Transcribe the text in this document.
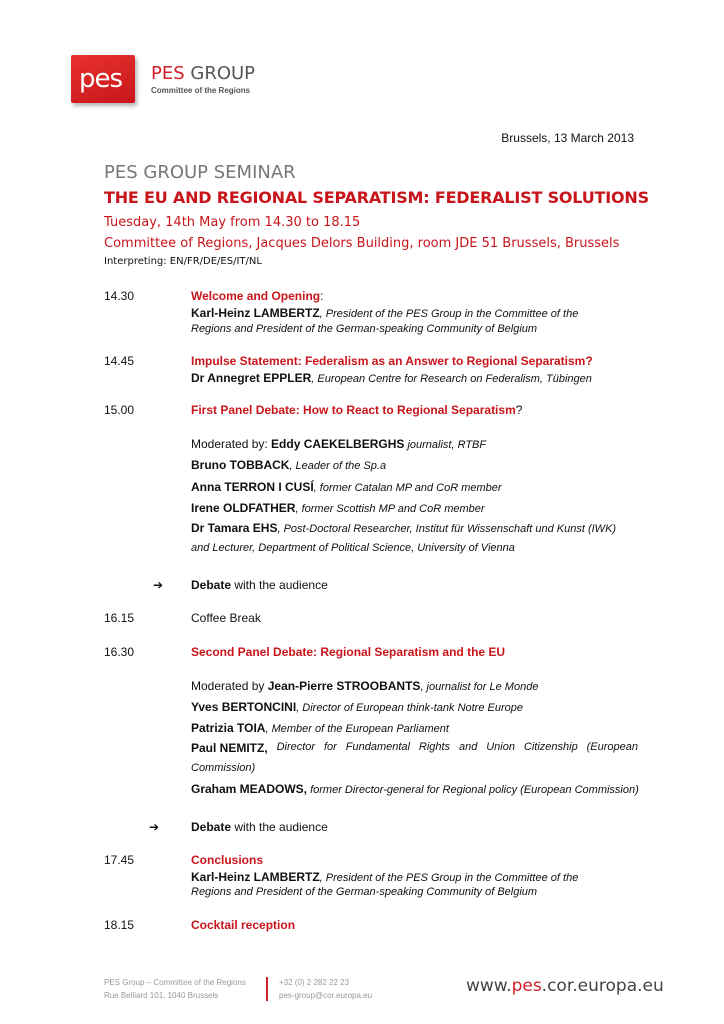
pes PES GROUP
Committee of the Regions
Brussels, 13 March 2013
PES GROUP SEMINAR
THE EU AND REGIONAL SEPARATISM: FEDERALIST SOLUTIONS
Tuesday, 14th May from 14.30 to 18.15
Committee of Regions, Jacques Delors Building, room JDE 51 Brussels, Brussels
Interpreting: EN/FR/DE/ES/IT/NL
14.30	Welcome and Opening:
Karl-Heinz LAMBERTZ, President of the PES Group in the Committee of the
Regions and President of the German-speaking Community of Belgium
14.45	Impulse Statement: Federalism as an Answer to Regional Separatism?
Dr Annegret EPPLER, European Centre for Research on Federalism, Tübingen
15.00	First Panel Debate: How to React to Regional Separatism?
Moderated by: Eddy CAEKELBERGHS journalist, RTBF
Bruno TOBBACK, Leader of the Sp.a
Anna TERRON I CUSÍ, former Catalan MP and CoR member
Irene OLDFATHER, former Scottish MP and CoR member
Dr Tamara EHS, Post-Doctoral Researcher, Institut für Wissenschaft und Kunst (IWK)
and Lecturer, Department of Political Science, University of Vienna
➔ Debate with the audience
16.15	Coffee Break
16.30	Second Panel Debate: Regional Separatism and the EU
Moderated by Jean-Pierre STROOBANTS, journalist for Le Monde
Yves BERTONCINI, Director of European think-tank Notre Europe
Patrizia TOIA, Member of the European Parliament
Paul NEMITZ, Director for Fundamental Rights and Union Citizenship (European
Commission)
Graham MEADOWS, former Director-general for Regional policy (European Commission)
➔	Debate with the audience
17.45	Conclusions
Karl-Heinz LAMBERTZ, President of the PES Group in the Committee of the
Regions and President of the German-speaking Community of Belgium
18.15	Cocktail reception
PES Group – Committee of the Regions
Rue Belliard 101, 1040 Brussels
+32 (0) 2 282 22 23
pes-group@cor.europa.eu	www.pes.cor.europa.eu
